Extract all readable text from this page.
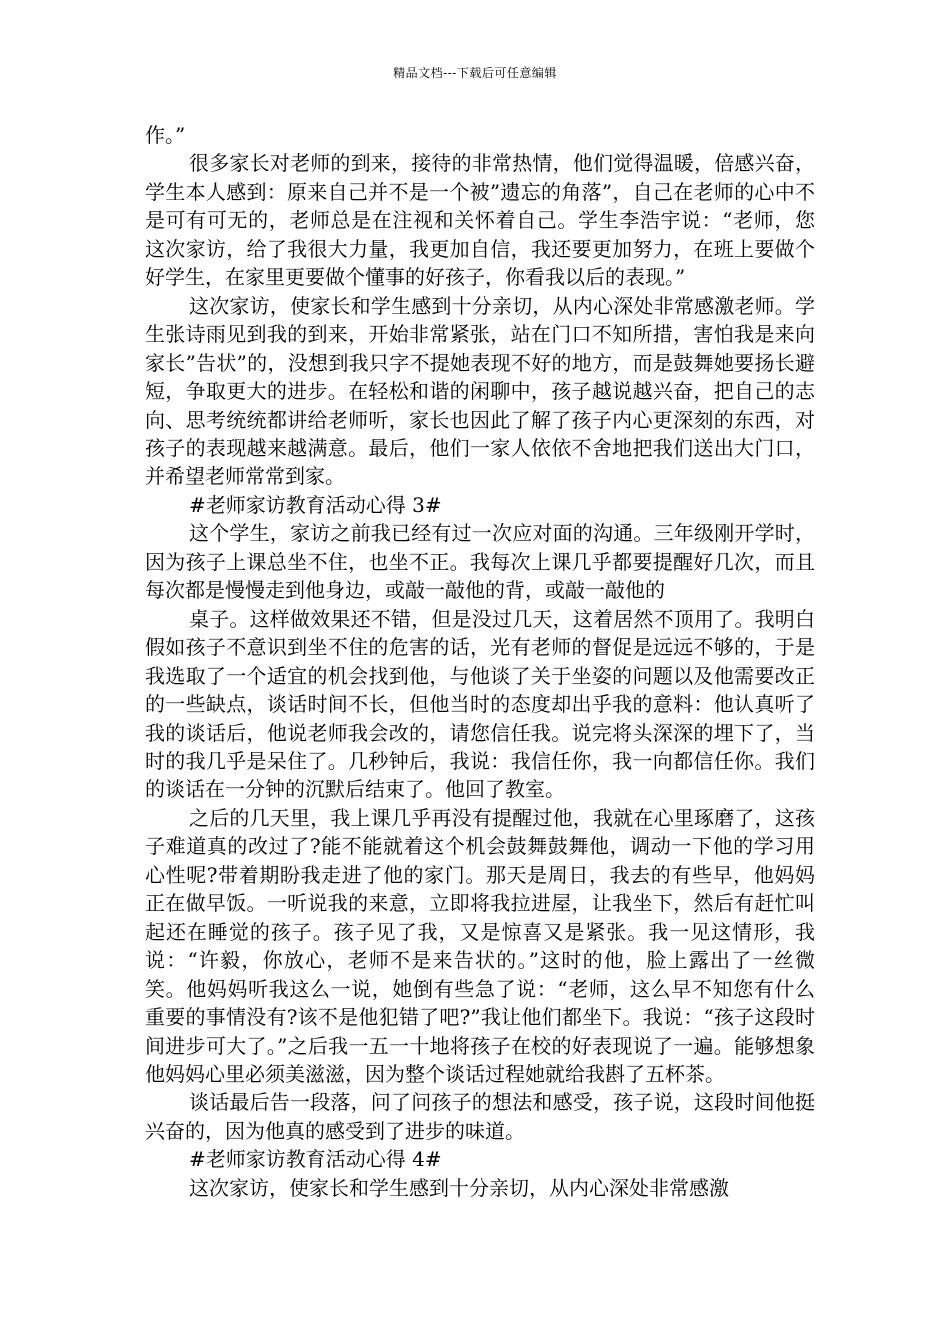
精品文档---下载后可任意编辑

作。”

很多家长对老师的到来，接待的非常热情，他们觉得温暖，倍感兴奋，学生本人感到：原来自己并不是一个被”遗忘的角落”，自己在老师的心中不是可有可无的，老师总是在注视和关怀着自己。学生李浩宇说：“老师，您这次家访，给了我很大力量，我更加自信，我还要更加努力，在班上要做个好学生，在家里更要做个懂事的好孩子，你看我以后的表现。”

这次家访，使家长和学生感到十分亲切，从内心深处非常感激老师。学生张诗雨见到我的到来，开始非常紧张，站在门口不知所措，害怕我是来向家长”告状”的，没想到我只字不提她表现不好的地方，而是鼓舞她要扬长避短，争取更大的进步。在轻松和谐的闲聊中，孩子越说越兴奋，把自己的志向、思考统统都讲给老师听，家长也因此了解了孩子内心更深刻的东西，对孩子的表现越来越满意。最后，他们一家人依依不舍地把我们送出大门口，并希望老师常常到家。

#老师家访教育活动心得 3#

这个学生，家访之前我已经有过一次应对面的沟通。三年级刚开学时，因为孩子上课总坐不住，也坐不正。我每次上课几乎都要提醒好几次，而且每次都是慢慢走到他身边，或敲一敲他的背，或敲一敲他的

桌子。这样做效果还不错，但是没过几天，这着居然不顶用了。我明白假如孩子不意识到坐不住的危害的话，光有老师的督促是远远不够的，于是我选取了一个适宜的机会找到他，与他谈了关于坐姿的问题以及他需要改正的一些缺点，谈话时间不长，但他当时的态度却出乎我的意料：他认真听了我的谈话后，他说老师我会改的，请您信任我。说完将头深深的埋下了，当时的我几乎是呆住了。几秒钟后，我说：我信任你，我一向都信任你。我们的谈话在一分钟的沉默后结束了。他回了教室。

之后的几天里，我上课几乎再没有提醒过他，我就在心里琢磨了，这孩子难道真的改过了?能不能就着这个机会鼓舞鼓舞他，调动一下他的学习用心性呢?带着期盼我走进了他的家门。那天是周日，我去的有些早，他妈妈正在做早饭。一听说我的来意，立即将我拉进屋，让我坐下，然后有赶忙叫起还在睡觉的孩子。孩子见了我，又是惊喜又是紧张。我一见这情形，我说：“许毅，你放心，老师不是来告状的。”这时的他，脸上露出了一丝微笑。他妈妈听我这么一说，她倒有些急了说：“老师，这么早不知您有什么重要的事情没有?该不是他犯错了吧?”我让他们都坐下。我说：“孩子这段时间进步可大了。”之后我一五一十地将孩子在校的好表现说了一遍。能够想象他妈妈心里必须美滋滋，因为整个谈话过程她就给我斟了五杯茶。

谈话最后告一段落，问了问孩子的想法和感受，孩子说，这段时间他挺兴奋的，因为他真的感受到了进步的味道。

#老师家访教育活动心得 4#

这次家访，使家长和学生感到十分亲切，从内心深处非常感激
